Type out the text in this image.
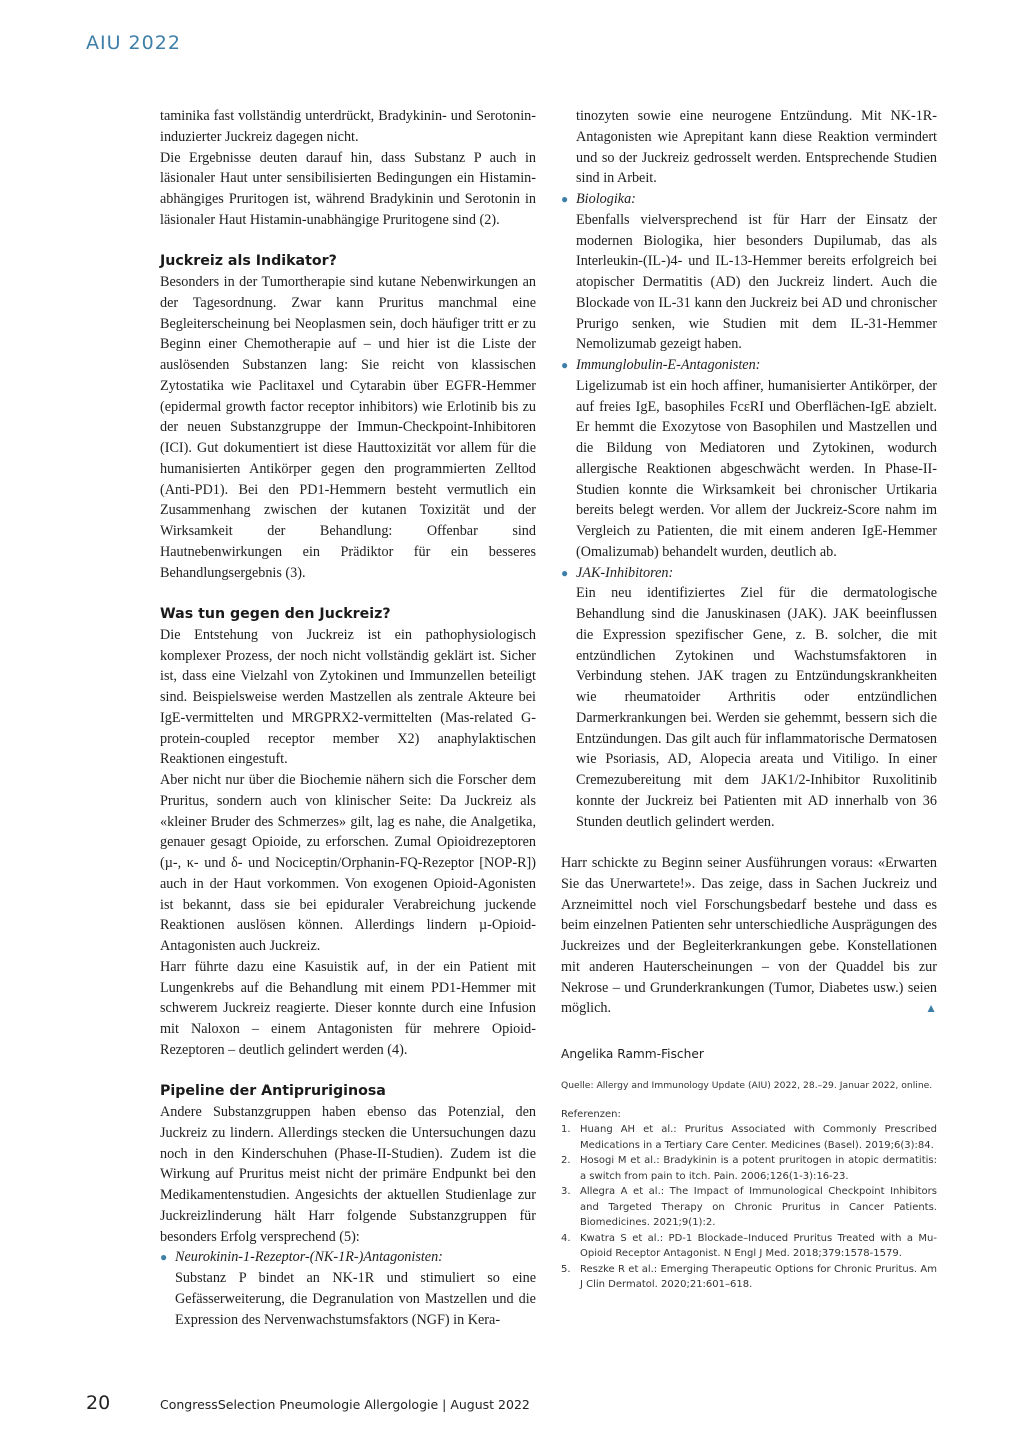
AIU 2022

taminika fast vollständig unterdrückt, Bradykinin- und Serotonin-induzierter Juckreiz dagegen nicht.

Die Ergebnisse deuten darauf hin, dass Substanz P auch in läsionaler Haut unter sensibilisierten Bedingungen ein Histamin-abhängiges Pruritogen ist, während Bradykinin und Serotonin in läsionaler Haut Histamin-unabhängige Pruritogene sind (2).

Juckreiz als Indikator?

Besonders in der Tumortherapie sind kutane Nebenwirkungen an der Tagesordnung. Zwar kann Pruritus manchmal eine Begleiterscheinung bei Neoplasmen sein, doch häufiger tritt er zu Beginn einer Chemotherapie auf – und hier ist die Liste der auslösenden Substanzen lang: Sie reicht von klassischen Zytostatika wie Paclitaxel und Cytarabin über EGFR-Hemmer (epidermal growth factor receptor inhibitors) wie Erlotinib bis zu der neuen Substanzgruppe der Immun-Checkpoint-Inhibitoren (ICI). Gut dokumentiert ist diese Hauttoxizität vor allem für die humanisierten Antikörper gegen den programmierten Zelltod (Anti-PD1). Bei den PD1-Hemmern besteht vermutlich ein Zusammenhang zwischen der kutanen Toxizität und der Wirksamkeit der Behandlung: Offenbar sind Hautnebenwirkungen ein Prädiktor für ein besseres Behandlungsergebnis (3).

Was tun gegen den Juckreiz?

Die Entstehung von Juckreiz ist ein pathophysiologisch komplexer Prozess, der noch nicht vollständig geklärt ist. Sicher ist, dass eine Vielzahl von Zytokinen und Immunzellen beteiligt sind. Beispielsweise werden Mastzellen als zentrale Akteure bei IgE-vermittelten und MRGPRX2-vermittelten (Mas-related G-protein-coupled receptor member X2) anaphylaktischen Reaktionen eingestuft.

Aber nicht nur über die Biochemie nähern sich die Forscher dem Pruritus, sondern auch von klinischer Seite: Da Juckreiz als «kleiner Bruder des Schmerzes» gilt, lag es nahe, die Analgetika, genauer gesagt Opioide, zu erforschen. Zumal Opioidrezeptoren (µ-, κ- und δ- und Nociceptin/Orphanin-FQ-Rezeptor [NOP-R]) auch in der Haut vorkommen. Von exogenen Opioid-Agonisten ist bekannt, dass sie bei epiduraler Verabreichung juckende Reaktionen auslösen können. Allerdings lindern µ-Opioid-Antagonisten auch Juckreiz.

Harr führte dazu eine Kasuistik auf, in der ein Patient mit Lungenkrebs auf die Behandlung mit einem PD1-Hemmer mit schwerem Juckreiz reagierte. Dieser konnte durch eine Infusion mit Naloxon – einem Antagonisten für mehrere Opioid-Rezeptoren – deutlich gelindert werden (4).

Pipeline der Antipruriginosa

Andere Substanzgruppen haben ebenso das Potenzial, den Juckreiz zu lindern. Allerdings stecken die Untersuchungen dazu noch in den Kinderschuhen (Phase-II-Studien). Zudem ist die Wirkung auf Pruritus meist nicht der primäre Endpunkt bei den Medikamentenstudien. Angesichts der aktuellen Studienlage zur Juckreizlinderung hält Harr folgende Substanzgruppen für besonders Erfolg versprechend (5):

● Neurokinin-1-Rezeptor-(NK-1R-)Antagonisten:
Substanz P bindet an NK-1R und stimuliert so eine Gefässerweiterung, die Degranulation von Mastzellen und die Expression des Nervenwachstumsfaktors (NGF) in Kera-
tinozyten sowie eine neurogene Entzündung. Mit NK-1R-Antagonisten wie Aprepitant kann diese Reaktion vermindert und so der Juckreiz gedrosselt werden. Entsprechende Studien sind in Arbeit.
● Biologika:
Ebenfalls vielversprechend ist für Harr der Einsatz der modernen Biologika, hier besonders Dupilumab, das als Interleukin-(IL-)4- und IL-13-Hemmer bereits erfolgreich bei atopischer Dermatitis (AD) den Juckreiz lindert. Auch die Blockade von IL-31 kann den Juckreiz bei AD und chronischer Prurigo senken, wie Studien mit dem IL-31-Hemmer Nemolizumab gezeigt haben.
● Immunglobulin-E-Antagonisten:
Ligelizumab ist ein hoch affiner, humanisierter Antikörper, der auf freies IgE, basophiles FcεRI und Oberflächen-IgE abzielt. Er hemmt die Exozytose von Basophilen und Mastzellen und die Bildung von Mediatoren und Zytokinen, wodurch allergische Reaktionen abgeschwächt werden. In Phase-II-Studien konnte die Wirksamkeit bei chronischer Urtikaria bereits belegt werden. Vor allem der Juckreiz-Score nahm im Vergleich zu Patienten, die mit einem anderen IgE-Hemmer (Omalizumab) behandelt wurden, deutlich ab.
● JAK-Inhibitoren:
Ein neu identifiziertes Ziel für die dermatologische Behandlung sind die Januskinasen (JAK). JAK beeinflussen die Expression spezifischer Gene, z. B. solcher, die mit entzündlichen Zytokinen und Wachstumsfaktoren in Verbindung stehen. JAK tragen zu Entzündungskrankheiten wie rheumatoider Arthritis oder entzündlichen Darmerkrankungen bei. Werden sie gehemmt, bessern sich die Entzündungen. Das gilt auch für inflammatorische Dermatosen wie Psoriasis, AD, Alopecia areata und Vitiligo. In einer Cremezubereitung mit dem JAK1/2-Inhibitor Ruxolitinib konnte der Juckreiz bei Patienten mit AD innerhalb von 36 Stunden deutlich gelindert werden.

Harr schickte zu Beginn seiner Ausführungen voraus: «Erwarten Sie das Unerwartete!». Das zeige, dass in Sachen Juckreiz und Arzneimittel noch viel Forschungsbedarf bestehe und dass es beim einzelnen Patienten sehr unterschiedliche Ausprägungen des Juckreizes und der Begleiterkrankungen gebe. Konstellationen mit anderen Hauterscheinungen – von der Quaddel bis zur Nekrose – und Grunderkrankungen (Tumor, Diabetes usw.) seien möglich.	▲

Angelika Ramm-Fischer
Quelle: Allergy and Immunology Update (AIU) 2022, 28.–29. Januar 2022, online.
Referenzen:
1. Huang AH et al.: Pruritus Associated with Commonly Prescribed Medications in a Tertiary Care Center. Medicines (Basel). 2019;6(3):84.
2. Hosogi M et al.: Bradykinin is a potent pruritogen in atopic dermatitis: a switch from pain to itch. Pain. 2006;126(1-3):16-23.
3. Allegra A et al.: The Impact of Immunological Checkpoint Inhibitors and Targeted Therapy on Chronic Pruritus in Cancer Patients. Biomedicines. 2021;9(1):2.
4. Kwatra S et al.: PD-1 Blockade–Induced Pruritus Treated with a Mu-Opioid Receptor Antagonist. N Engl J Med. 2018;379:1578-1579.
5. Reszke R et al.: Emerging Therapeutic Options for Chronic Pruritus. Am J Clin Dermatol. 2020;21:601–618.
20	CongressSelection Pneumologie Allergologie | August 2022
